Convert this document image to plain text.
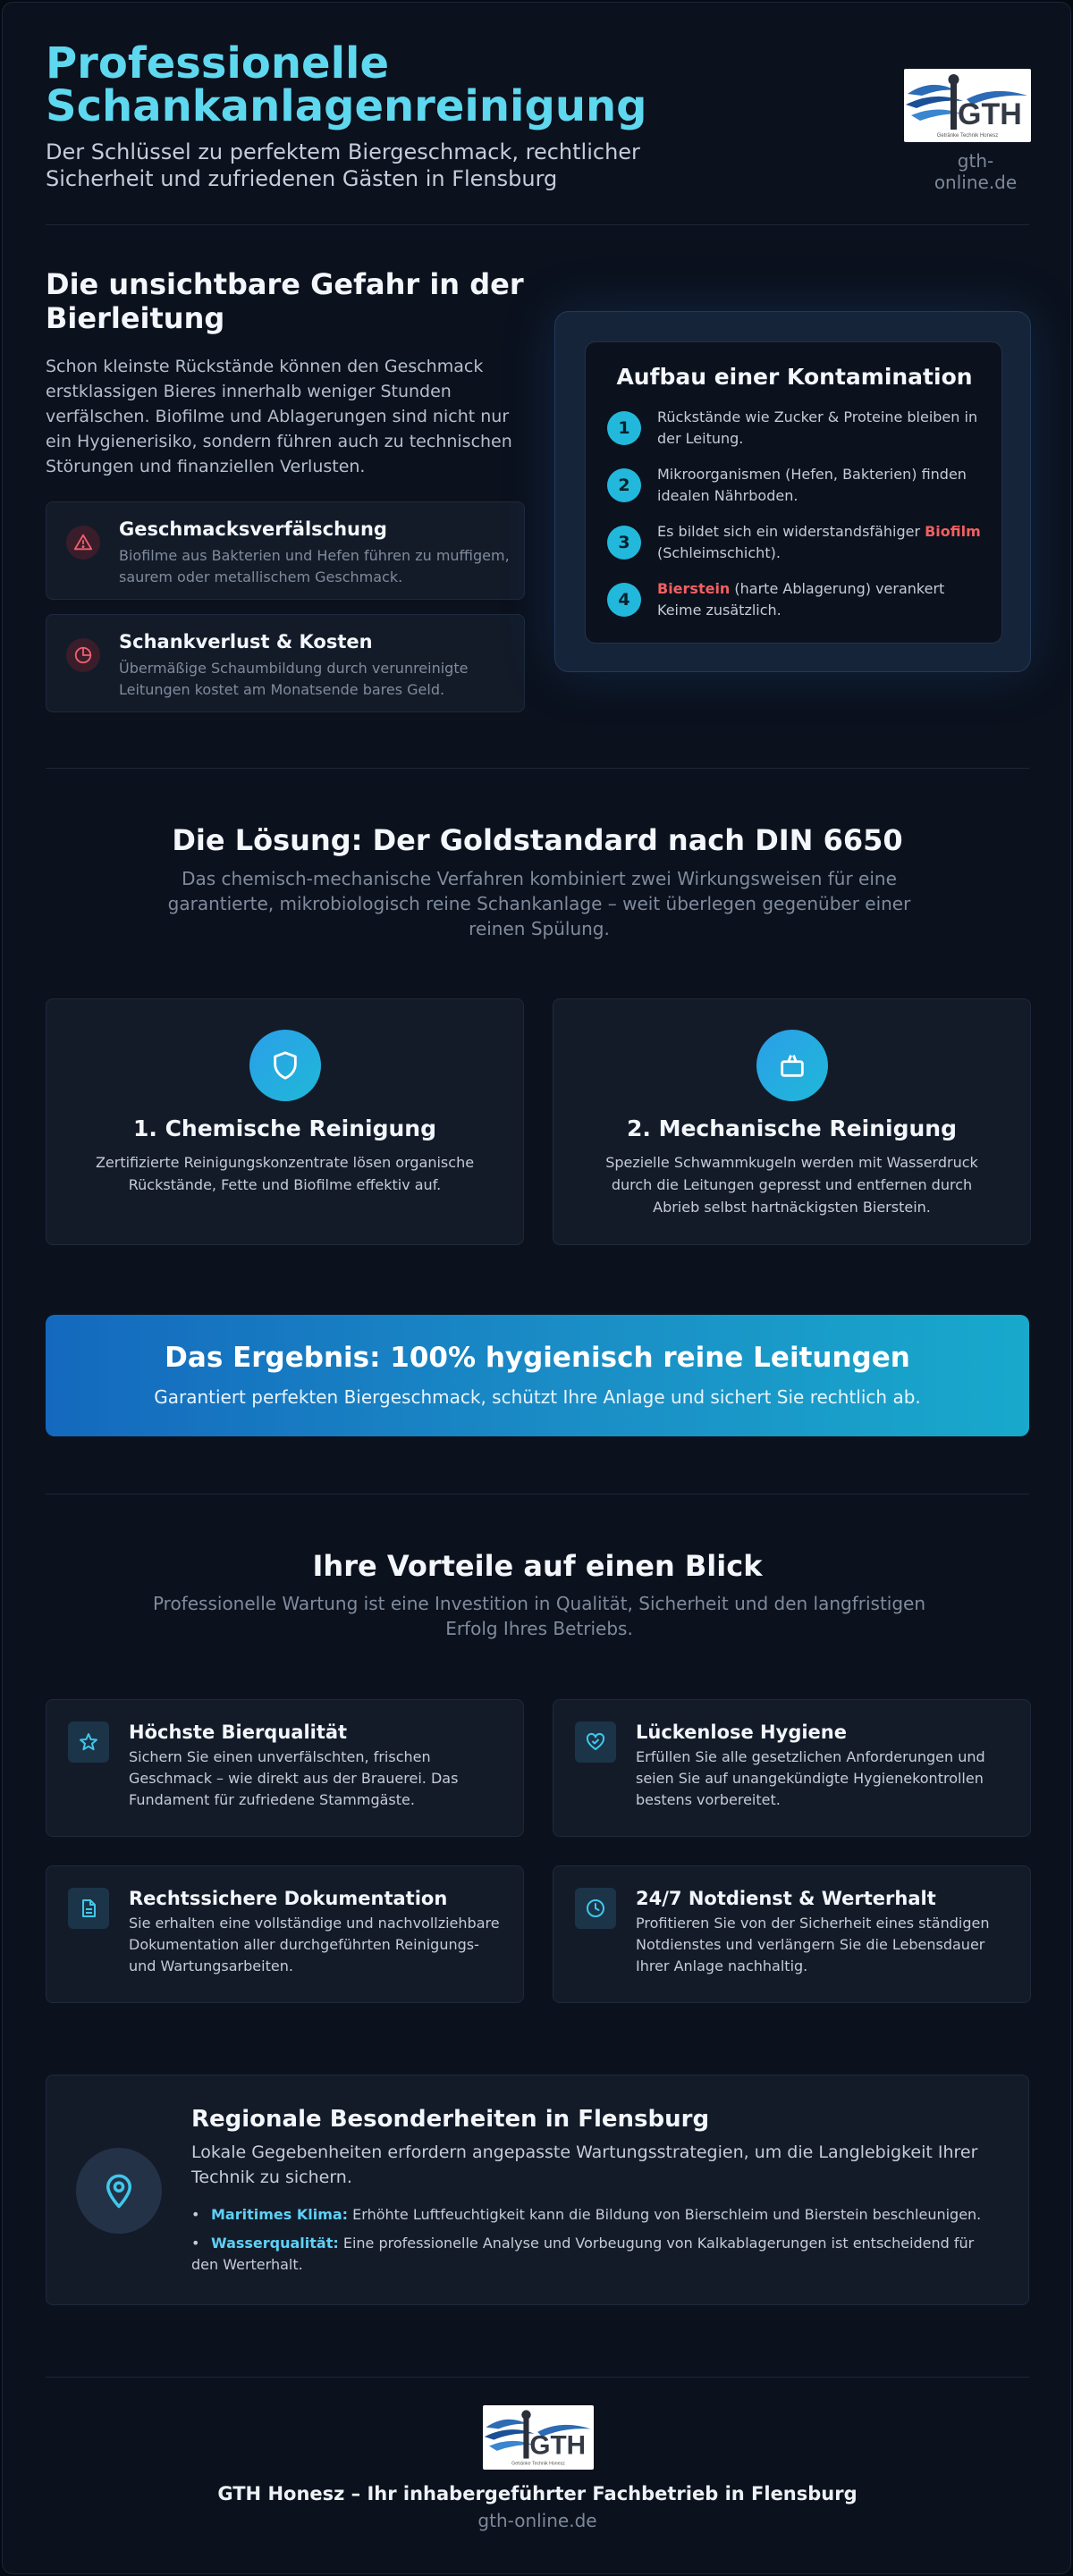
Professionelle Schankanlagenreinigung
Der Schlüssel zu perfektem Biergeschmack, rechtlicher Sicherheit und zufriedenen Gästen in Flensburg
GTH
Getränke Technik Honesz
gth-online.de
Die unsichtbare Gefahr in der Bierleitung
Schon kleinste Rückstände können den Geschmack erstklassigen Bieres innerhalb weniger Stunden verfälschen. Biofilme und Ablagerungen sind nicht nur ein Hygienerisiko, sondern führen auch zu technischen Störungen und finanziellen Verlusten.
Geschmacksverfälschung
Biofilme aus Bakterien und Hefen führen zu muffigem, saurem oder metallischem Geschmack.
Schankverlust & Kosten
Übermäßige Schaumbildung durch verunreinigte Leitungen kostet am Monatsende bares Geld.
Aufbau einer Kontamination
1
Rückstände wie Zucker & Proteine bleiben in der Leitung.
2
Mikroorganismen (Hefen, Bakterien) finden idealen Nährboden.
3
Es bildet sich ein widerstandsfähiger Biofilm (Schleimschicht).
4
Bierstein (harte Ablagerung) verankert Keime zusätzlich.
Die Lösung: Der Goldstandard nach DIN 6650
Das chemisch-mechanische Verfahren kombiniert zwei Wirkungsweisen für eine garantierte, mikrobiologisch reine Schankanlage – weit überlegen gegenüber einer reinen Spülung.
1. Chemische Reinigung
Zertifizierte Reinigungskonzentrate lösen organische Rückstände, Fette und Biofilme effektiv auf.
2. Mechanische Reinigung
Spezielle Schwammkugeln werden mit Wasserdruck durch die Leitungen gepresst und entfernen durch Abrieb selbst hartnäckigsten Bierstein.
Das Ergebnis: 100% hygienisch reine Leitungen
Garantiert perfekten Biergeschmack, schützt Ihre Anlage und sichert Sie rechtlich ab.
Ihre Vorteile auf einen Blick
Professionelle Wartung ist eine Investition in Qualität, Sicherheit und den langfristigen Erfolg Ihres Betriebs.
Höchste Bierqualität
Sichern Sie einen unverfälschten, frischen Geschmack – wie direkt aus der Brauerei. Das Fundament für zufriedene Stammgäste.
Lückenlose Hygiene
Erfüllen Sie alle gesetzlichen Anforderungen und seien Sie auf unangekündigte Hygienekontrollen bestens vorbereitet.
Rechtssichere Dokumentation
Sie erhalten eine vollständige und nachvollziehbare Dokumentation aller durchgeführten Reinigungs- und Wartungsarbeiten.
24/7 Notdienst & Werterhalt
Profitieren Sie von der Sicherheit eines ständigen Notdienstes und verlängern Sie die Lebensdauer Ihrer Anlage nachhaltig.
Regionale Besonderheiten in Flensburg
Lokale Gegebenheiten erfordern angepasste Wartungsstrategien, um die Langlebigkeit Ihrer Technik zu sichern.
• Maritimes Klima: Erhöhte Luftfeuchtigkeit kann die Bildung von Bierschleim und Bierstein beschleunigen.
• Wasserqualität: Eine professionelle Analyse und Vorbeugung von Kalkablagerungen ist entscheidend für den Werterhalt.
GTH
Getränke Technik Honesz
GTH Honesz – Ihr inhabergeführter Fachbetrieb in Flensburg
gth-online.de
